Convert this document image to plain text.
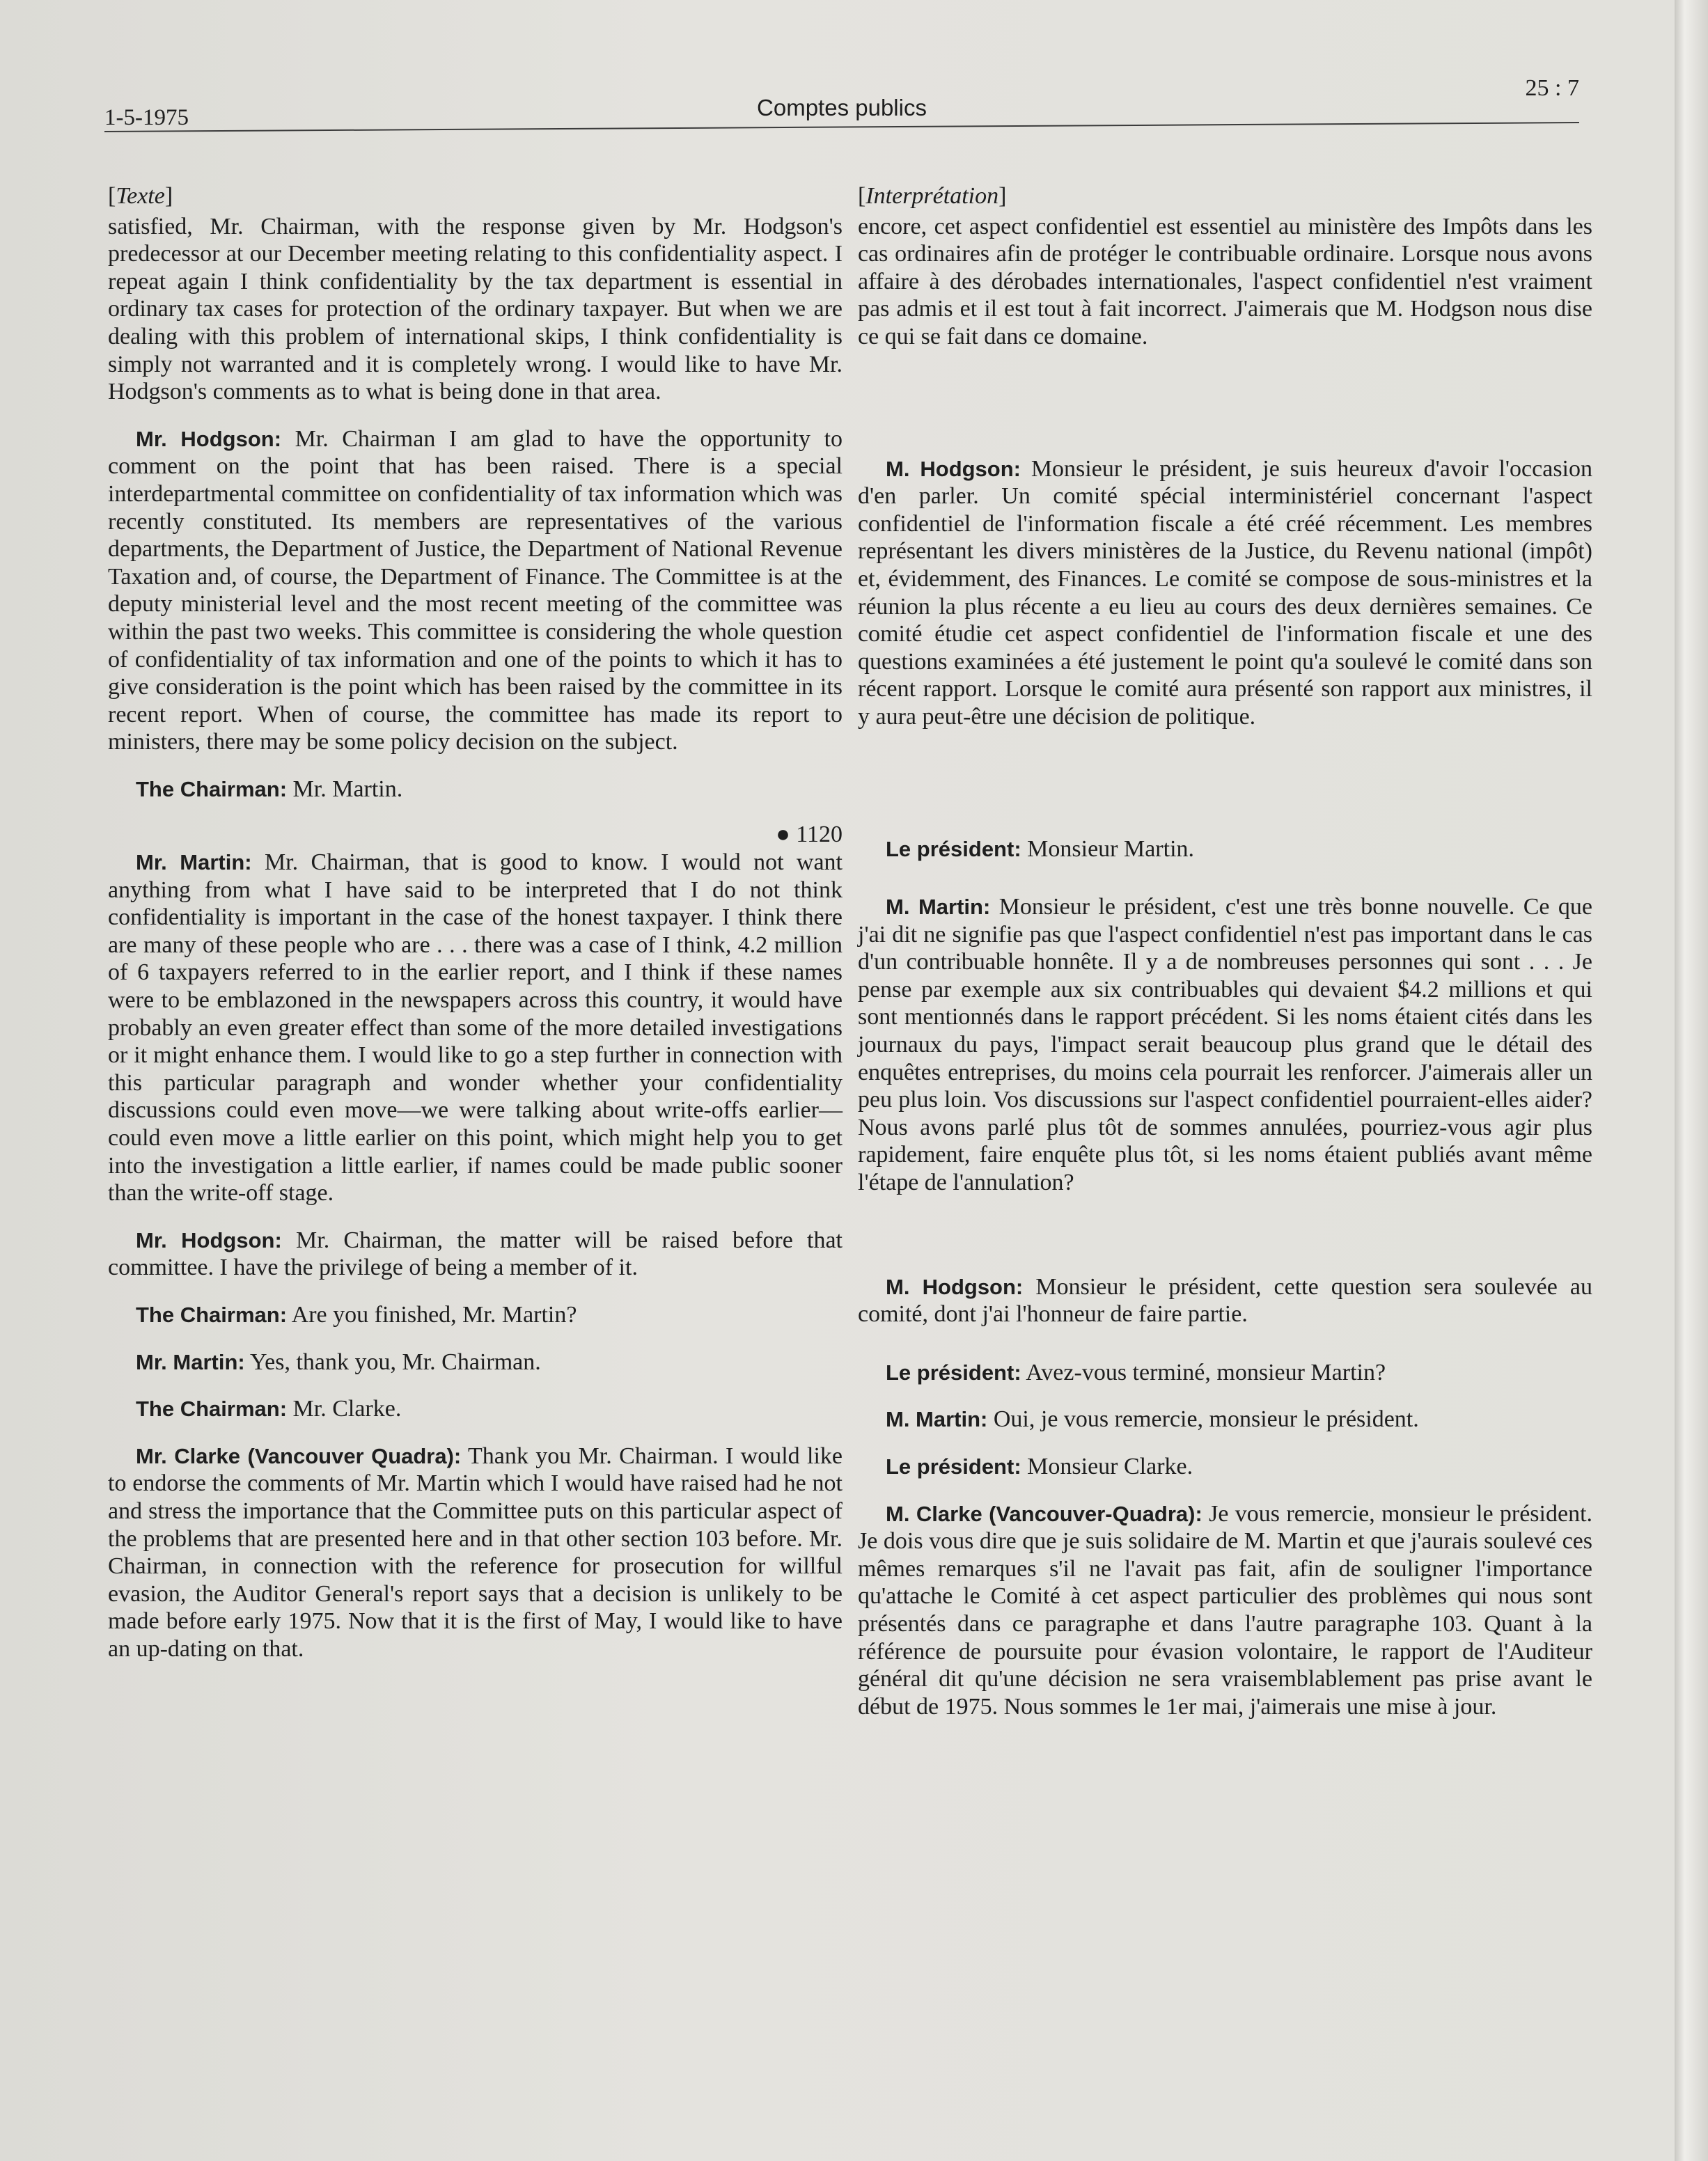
1-5-1975	Comptes publics
25 : 7
[Texte]

satisfied, Mr. Chairman, with the response given by Mr. Hodgson's predecessor at our December meeting relating to this confidentiality aspect. I repeat again I think confidentiality by the tax department is essential in ordinary tax cases for protection of the ordinary taxpayer. But when we are dealing with this problem of international skips, I think confidentiality is simply not warranted and it is completely wrong. I would like to have Mr. Hodgson's comments as to what is being done in that area.

Mr. Hodgson: Mr. Chairman I am glad to have the opportunity to comment on the point that has been raised. There is a special interdepartmental committee on confidentiality of tax information which was recently constituted. Its members are representatives of the various departments, the Department of Justice, the Department of National Revenue Taxation and, of course, the Department of Finance. The Committee is at the deputy ministerial level and the most recent meeting of the committee was within the past two weeks. This committee is considering the whole question of confidentiality of tax information and one of the points to which it has to give consideration is the point which has been raised by the committee in its recent report. When of course, the committee has made its report to ministers, there may be some policy decision on the subject.

The Chairman: Mr. Martin.

● 1120

Mr. Martin: Mr. Chairman, that is good to know. I would not want anything from what I have said to be interpreted that I do not think confidentiality is important in the case of the honest taxpayer. I think there are many of these people who are . . . there was a case of I think, 4.2 million of 6 taxpayers referred to in the earlier report, and I think if these names were to be emblazoned in the newspapers across this country, it would have probably an even greater effect than some of the more detailed investigations or it might enhance them. I would like to go a step further in connection with this particular paragraph and wonder whether your confidentiality discussions could even move—we were talking about write-offs earlier—could even move a little earlier on this point, which might help you to get into the investigation a little earlier, if names could be made public sooner than the write-off stage.

Mr. Hodgson: Mr. Chairman, the matter will be raised before that committee. I have the privilege of being a member of it.

The Chairman: Are you finished, Mr. Martin?

Mr. Martin: Yes, thank you, Mr. Chairman.

The Chairman: Mr. Clarke.

Mr. Clarke (Vancouver Quadra): Thank you Mr. Chairman. I would like to endorse the comments of Mr. Martin which I would have raised had he not and stress the importance that the Committee puts on this particular aspect of the problems that are presented here and in that other section 103 before. Mr. Chairman, in connection with the reference for prosecution for willful evasion, the Auditor General's report says that a decision is unlikely to be made before early 1975. Now that it is the first of May, I would like to have an up-dating on that.

[Interprétation]

encore, cet aspect confidentiel est essentiel au ministère des Impôts dans les cas ordinaires afin de protéger le contribuable ordinaire. Lorsque nous avons affaire à des dérobades internationales, l'aspect confidentiel n'est vraiment pas admis et il est tout à fait incorrect. J'aimerais que M. Hodgson nous dise ce qui se fait dans ce domaine.

M. Hodgson: Monsieur le président, je suis heureux d'avoir l'occasion d'en parler. Un comité spécial interministériel concernant l'aspect confidentiel de l'information fiscale a été créé récemment. Les membres représentant les divers ministères de la Justice, du Revenu national (impôt) et, évidemment, des Finances. Le comité se compose de sous-ministres et la réunion la plus récente a eu lieu au cours des deux dernières semaines. Ce comité étudie cet aspect confidentiel de l'information fiscale et une des questions examinées a été justement le point qu'a soulevé le comité dans son récent rapport. Lorsque le comité aura présenté son rapport aux ministres, il y aura peut-être une décision de politique.

Le président: Monsieur Martin.

M. Martin: Monsieur le président, c'est une très bonne nouvelle. Ce que j'ai dit ne signifie pas que l'aspect confidentiel n'est pas important dans le cas d'un contribuable honnête. Il y a de nombreuses personnes qui sont . . . Je pense par exemple aux six contribuables qui devaient $4.2 millions et qui sont mentionnés dans le rapport précédent. Si les noms étaient cités dans les journaux du pays, l'impact serait beaucoup plus grand que le détail des enquêtes entreprises, du moins cela pourrait les renforcer. J'aimerais aller un peu plus loin. Vos discussions sur l'aspect confidentiel pourraient-elles aider? Nous avons parlé plus tôt de sommes annulées, pourriez-vous agir plus rapidement, faire enquête plus tôt, si les noms étaient publiés avant même l'étape de l'annulation?

M. Hodgson: Monsieur le président, cette question sera soulevée au comité, dont j'ai l'honneur de faire partie.

Le président: Avez-vous terminé, monsieur Martin?

M. Martin: Oui, je vous remercie, monsieur le président.

Le président: Monsieur Clarke.

M. Clarke (Vancouver-Quadra): Je vous remercie, monsieur le président. Je dois vous dire que je suis solidaire de M. Martin et que j'aurais soulevé ces mêmes remarques s'il ne l'avait pas fait, afin de souligner l'importance qu'attache le Comité à cet aspect particulier des problèmes qui nous sont présentés dans ce paragraphe et dans l'autre paragraphe 103. Quant à la référence de poursuite pour évasion volontaire, le rapport de l'Auditeur général dit qu'une décision ne sera vraisemblablement pas prise avant le début de 1975. Nous sommes le 1er mai, j'aimerais une mise à jour.
